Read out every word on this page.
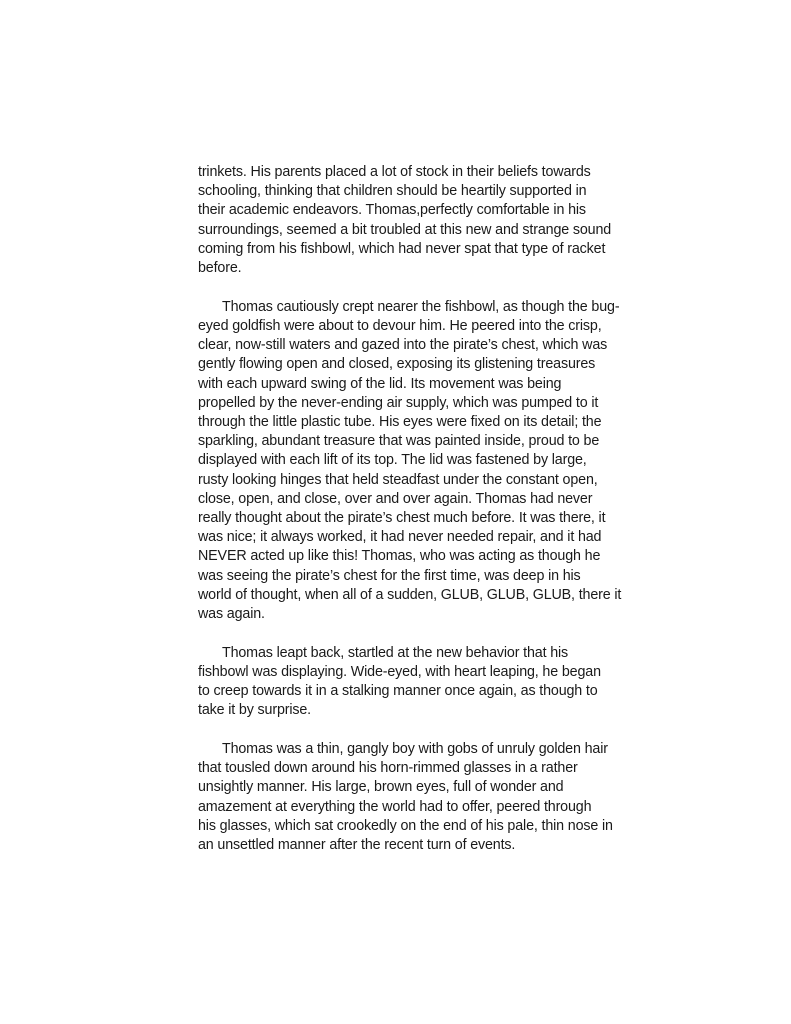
trinkets. His parents placed a lot of stock in their beliefs towards
schooling, thinking that children should be heartily supported in
their academic endeavors. Thomas,perfectly comfortable in his
surroundings, seemed a bit troubled at this new and strange sound
coming from his fishbowl, which had never spat that type of racket
before.
Thomas cautiously crept nearer the fishbowl, as though the bug-
eyed goldfish were about to devour him. He peered into the crisp,
clear, now-still waters and gazed into the pirate’s chest, which was
gently flowing open and closed, exposing its glistening treasures
with each upward swing of the lid. Its movement was being
propelled by the never-ending air supply, which was pumped to it
through the little plastic tube. His eyes were fixed on its detail; the
sparkling, abundant treasure that was painted inside, proud to be
displayed with each lift of its top. The lid was fastened by large,
rusty looking hinges that held steadfast under the constant open,
close, open, and close, over and over again. Thomas had never
really thought about the pirate’s chest much before. It was there, it
was nice; it always worked, it had never needed repair, and it had
NEVER acted up like this! Thomas, who was acting as though he
was seeing the pirate’s chest for the first time, was deep in his
world of thought, when all of a sudden, GLUB, GLUB, GLUB, there it
was again.
Thomas leapt back, startled at the new behavior that his
fishbowl was displaying. Wide-eyed, with heart leaping, he began
to creep towards it in a stalking manner once again, as though to
take it by surprise.
Thomas was a thin, gangly boy with gobs of unruly golden hair
that tousled down around his horn-rimmed glasses in a rather
unsightly manner. His large, brown eyes, full of wonder and
amazement at everything the world had to offer, peered through
his glasses, which sat crookedly on the end of his pale, thin nose in
an unsettled manner after the recent turn of events.
